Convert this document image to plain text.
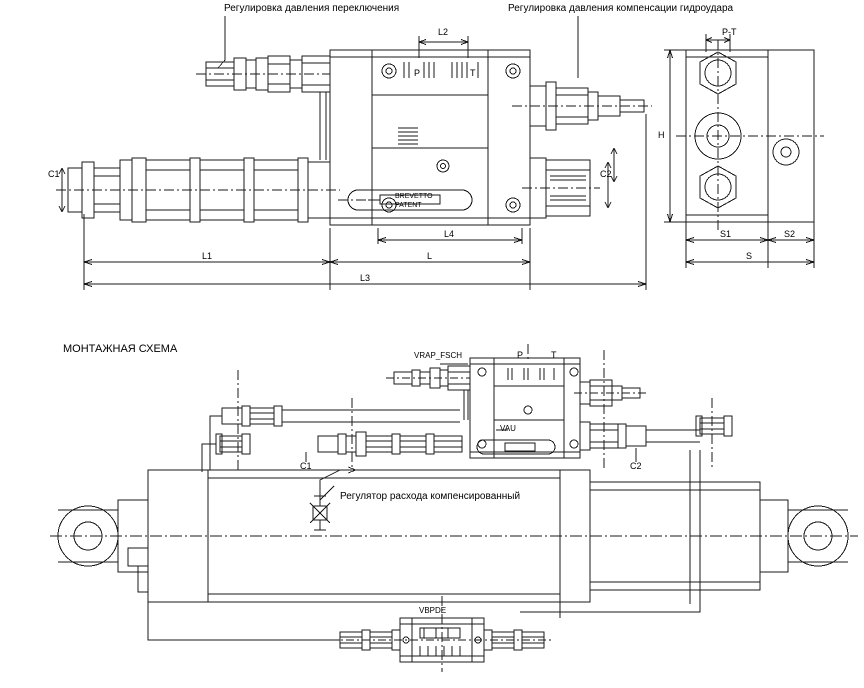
Регулировка давления переключения	Регулировка давления компенсации гидроудара
L2
P	T
BREVETTO
PATENT
C1	C2
L1	L
L4
L3
P-T
H
S1	S2
S
МОНТАЖНАЯ СХЕМА
VRAP_FSCH	P	T
VAU
VBPDE
C1	C2
Регулятор расхода компенсированный
